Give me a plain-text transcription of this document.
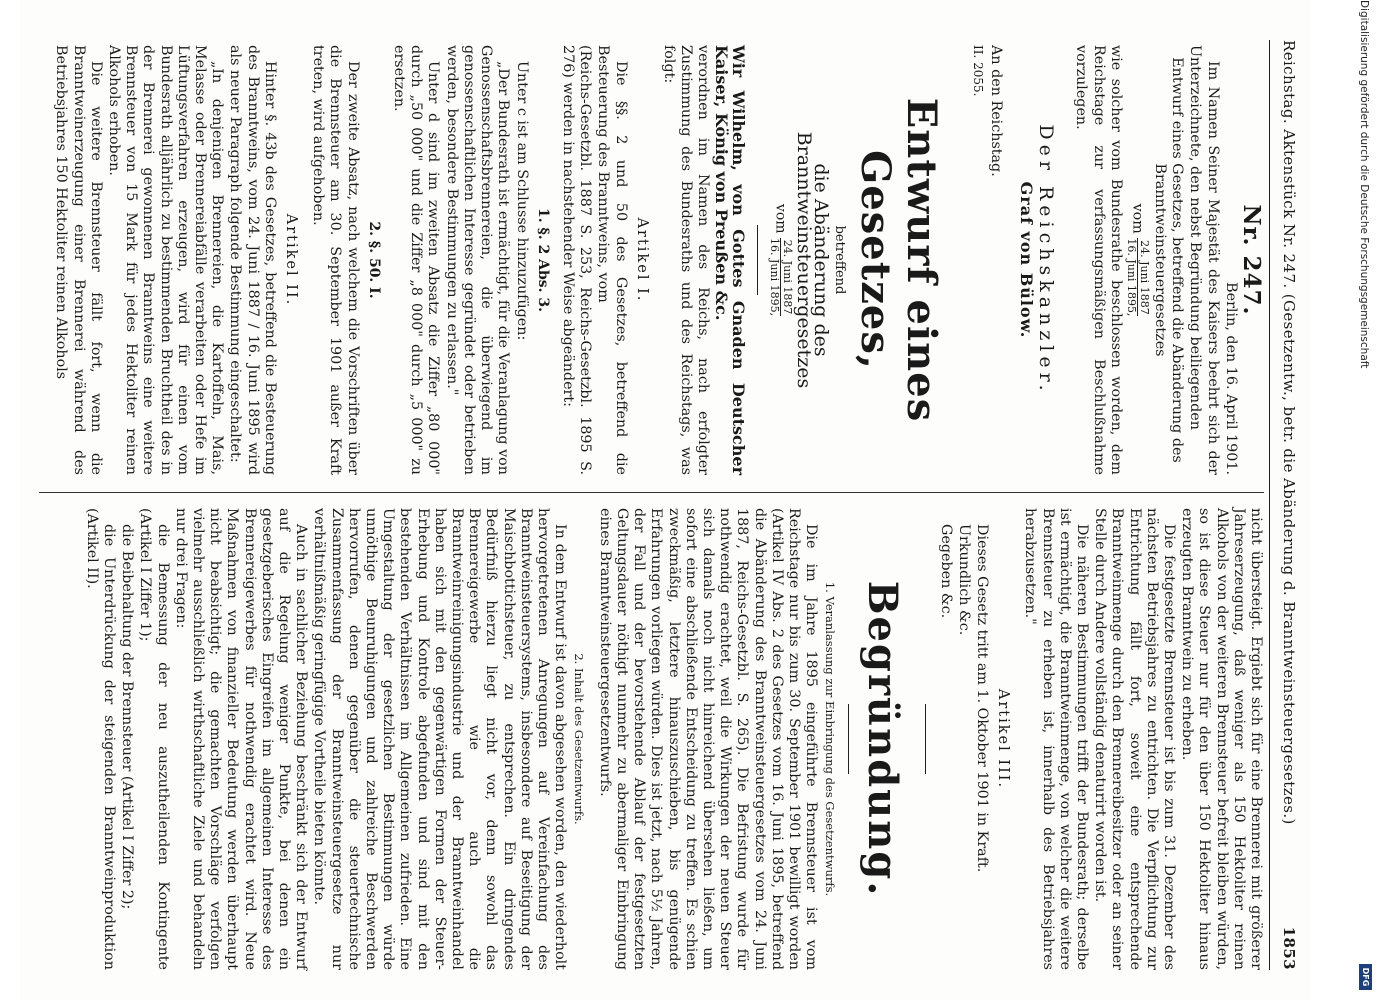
Reichstag. Aktenstück Nr. 247. (Gesetzentw., betr. die Abänderung d. Branntweinsteuergesetzes.)
1853
Nr. 247.

Berlin, den 16. April 1901.

Im Namen Seiner Majestät des Kaisers beehrt sich der Unterzeichnete, den nebst Begründung beiliegenden

Entwurf eines Gesetzes, betreffend die Abänderung des Branntweinsteuergesetzes

vom
24. Juni 1887
16. Juni 1895,

wie solcher vom Bundesrathe beschlossen worden, dem Reichstage zur verfassungsmäßigen Beschlußnahme vorzulegen.

Der Reichskanzler.
Graf von Bülow.

An den Reichstag.

II. 2055.

Entwurf eines Gesetzes,
betreffend
die Abänderung des Branntweinsteuergesetzes
vom
24. Juni 1887
16. Juni 1895,

Wir Wilhelm, von Gottes Gnaden Deutscher Kaiser, König von Preußen &c.

verordnen im Namen des Reichs, nach erfolgter Zustimmung des Bundesraths und des Reichstags, was folgt:

Artikel I.

Die §§. 2 und 50 des Gesetzes, betreffend die Besteuerung des Branntweins, vom

(Reichs-Gesetzbl. 1887 S. 253, Reichs-Gesetzbl. 1895 S. 276) werden in nachstehender Weise abgeändert:

1. §. 2 Abs. 3.

Unter c ist am Schlusse hinzuzufügen:

„Der Bundesrath ist ermächtigt, für die Veranlagung von Genossenschaftsbrennereien, die überwiegend im genossenschaftlichen Interesse gegründet oder betrieben werden, besondere Bestimmungen zu erlassen."

Unter d sind im zweiten Absatz die Ziffer „80 000" durch „50 000" und die Ziffer „8 000" durch „5 000" zu ersetzen.

2. §. 50. I.

Der zweite Absatz, nach welchem die Vorschriften über die Brennsteuer am 30. September 1901 außer Kraft treten, wird aufgehoben.

Artikel II.

Hinter §. 43b des Gesetzes, betreffend die Besteuerung des Branntweins, vom 24. Juni 1887 / 16. Juni 1895 wird als neuer Paragraph folgende Bestimmung eingeschaltet:

„In denjenigen Brennereien, die Kartoffeln, Mais, Melasse oder Brennereiabfälle verarbeiten oder Hefe im Lüftungsverfahren erzeugen, wird für einen vom Bundesrath alljährlich zu bestimmenden Bruchtheil des in der Brennerei gewonnenen Branntweins eine weitere Brennsteuer von 15 Mark für jedes Hektoliter reinen Alkohols erhoben.

Die weitere Brennsteuer fällt fort, wenn die Branntweinerzeugung einer Brennerei während des Betriebsjahres 150 Hektoliter reinen Alkohols

nicht übersteigt. Ergiebt sich für eine Brennerei mit größerer Jahreserzeugung, daß weniger als 150 Hektoliter reinen Alkohols von der weiteren Brennsteuer befreit bleiben würden, so ist diese Steuer nur für den über 150 Hektoliter hinaus erzeugten Branntwein zu erheben.

Die festgesetzte Brennsteuer ist bis zum 31. Dezember des nächsten Betriebsjahres zu entrichten. Die Verpflichtung zur Entrichtung fällt fort, soweit eine entsprechende Branntweinmenge durch den Brennereibesitzer oder an seiner Stelle durch Andere vollständig denaturirt worden ist.

Die näheren Bestimmungen trifft der Bundesrath; derselbe ist ermächtigt, die Branntweinmenge, von welcher die weitere Brennsteuer zu erheben ist, innerhalb des Betriebsjahres herabzusetzen."

Artikel III.

Dieses Gesetz tritt am 1. Oktober 1901 in Kraft.

Urkundlich &c.

Gegeben &c.

Begründung.
1. Veranlassung zur Einbringung des Gesetzentwurfs.

Die im Jahre 1895 eingeführte Brennsteuer ist vom Reichstage nur bis zum 30. September 1901 bewilligt worden (Artikel IV Abs. 2 des Gesetzes vom 16. Juni 1895, betreffend die Abänderung des Branntweinsteuergesetzes vom 24. Juni 1887, Reichs-Gesetzbl. S. 265). Die Befristung wurde für nothwendig erachtet, weil die Wirkungen der neuen Steuer sich damals noch nicht hinreichend übersehen ließen, um sofort eine abschließende Entscheidung zu treffen. Es schien zweckmäßig, letztere hinauszuschieben, bis genügende Erfahrungen vorliegen würden. Dies ist jetzt, nach 5½ Jahren, der Fall und der bevorstehende Ablauf der festgesetzten Geltungsdauer nöthigt nunmehr zu abermaliger Einbringung eines Branntweinsteuergesetzentwurfs.

2. Inhalt des Gesetzentwurfs.

In dem Entwurf ist davon abgesehen worden, den wiederholt hervorgetretenen Anregungen auf Vereinfachung des Branntweinsteuersystems, insbesondere auf Beseitigung der Maischbottichsteuer, zu entsprechen. Ein dringendes Bedürfniß hierzu liegt nicht vor, denn sowohl das Brennereigewerbe wie auch die Branntweinreinigungsindustrie und der Branntweinhandel haben sich mit den gegenwärtigen Formen der Steuer-Erhebung und Kontrole abgefunden und sind mit den bestehenden Verhältnissen im Allgemeinen zufrieden. Eine Umgestaltung der gesetzlichen Bestimmungen würde unnöthige Beunruhigungen und zahlreiche Beschwerden hervorrufen, denen gegenüber die steuertechnische Zusammenfassung der Branntweinsteuergesetze nur verhältnißmäßig geringfügige Vortheile bieten könnte.

Auch in sachlicher Beziehung beschränkt sich der Entwurf auf die Regelung weniger Punkte, bei denen ein gesetzgeberisches Eingreifen im allgemeinen Interesse des Brennereigewerbes für nothwendig erachtet wird. Neue Maßnahmen von finanzieller Bedeutung werden überhaupt nicht beabsichtigt; die gemachten Vorschläge verfolgen vielmehr ausschließlich wirthschaftliche Ziele und behandeln nur drei Fragen:

die Bemessung der neu auszutheilenden Kontingente (Artikel I Ziffer 1);

die Beibehaltung der Brennsteuer (Artikel I Ziffer 2);

die Unterdrückung der steigenden Branntweinproduktion (Artikel II).

Digitalisierung gefördert durch die Deutsche Forschungsgemeinschaft
DFG
